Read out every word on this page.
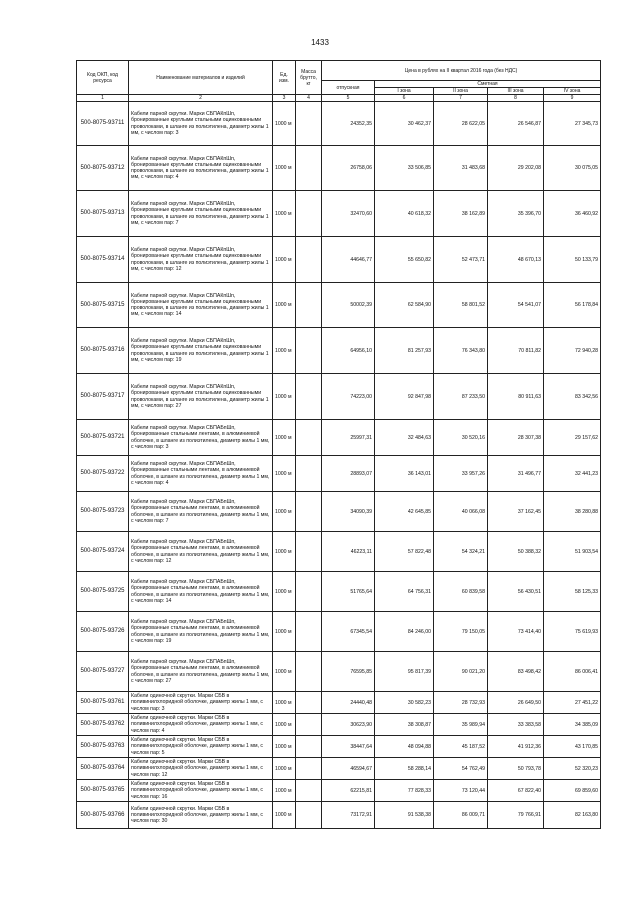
1433
Код ОКП, код ресурса	Наименование материалов и изделий	Ед. изм.	Масса брутто, кг	Цена в рублях на II квартал 2016 года (без НДС)				
				отпускная	Сметная			
					I зона	II зона	III зона	IV зона
1	2	3	4	5	6	7	8	9
500-8075-93711	Кабели парной скрутки. Марки СБПАКпШп, бронированные круглыми стальными оцинкованными проволоками, в шланге из полиэтилена, диаметр жилы 1 мм, с числом пар: 3	1000 м		24352,35	30 462,37	28 622,05	26 546,87	27 345,73
500-8075-93712	Кабели парной скрутки. Марки СБПАКпШп, бронированные круглыми стальными оцинкованными проволоками, в шланге из полиэтилена, диаметр жилы 1 мм, с числом пар: 4	1000 м		26758,06	33 506,85	31 483,68	29 202,08	30 075,05
500-8075-93713	Кабели парной скрутки. Марки СБПАКпШп, бронированные круглыми стальными оцинкованными проволоками, в шланге из полиэтилена, диаметр жилы 1 мм, с числом пар: 7	1000 м		32470,60	40 618,32	38 162,89	35 396,70	36 460,92
500-8075-93714	Кабели парной скрутки. Марки СБПАКпШп, бронированные круглыми стальными оцинкованными проволоками, в шланге из полиэтилена, диаметр жилы 1 мм, с числом пар: 12	1000 м		44646,77	55 650,82	52 473,71	48 670,13	50 133,79
500-8075-93715	Кабели парной скрутки. Марки СБПАКпШп, бронированные круглыми стальными оцинкованными проволоками, в шланге из полиэтилена, диаметр жилы 1 мм, с числом пар: 14	1000 м		50002,39	62 584,90	58 801,52	54 541,07	56 178,84
500-8075-93716	Кабели парной скрутки. Марки СБПАКпШп, бронированные круглыми стальными оцинкованными проволоками, в шланге из полиэтилена, диаметр жилы 1 мм, с числом пар: 19	1000 м		64956,10	81 257,93	76 343,80	70 811,82	72 940,28
500-8075-93717	Кабели парной скрутки. Марки СБПАКпШп, бронированные круглыми стальными оцинкованными проволоками, в шланге из полиэтилена, диаметр жилы 1 мм, с числом пар: 27	1000 м		74223,00	92 847,98	87 233,50	80 911,63	83 342,56
500-8075-93721	Кабели парной скрутки. Марки СБПАБпШп, бронированные стальными лентами, в алюминиевой оболочке, в шланге из полиэтилена, диаметр жилы 1 мм, с числом пар: 3	1000 м		25997,31	32 484,63	30 520,16	28 307,38	29 157,62
500-8075-93722	Кабели парной скрутки. Марки СБПАБпШп, бронированные стальными лентами, в алюминиевой оболочке, в шланге из полиэтилена, диаметр жилы 1 мм, с числом пар: 4	1000 м		28893,07	36 143,01	33 957,26	31 496,77	32 441,23
500-8075-93723	Кабели парной скрутки. Марки СБПАБпШп, бронированные стальными лентами, в алюминиевой оболочке, в шланге из полиэтилена, диаметр жилы 1 мм, с числом пар: 7	1000 м		34090,39	42 645,85	40 066,08	37 162,45	38 280,88
500-8075-93724	Кабели парной скрутки. Марки СБПАБпШп, бронированные стальными лентами, в алюминиевой оболочке, в шланге из полиэтилена, диаметр жилы 1 мм, с числом пар: 12	1000 м		46223,11	57 822,48	54 324,21	50 388,32	51 903,54
500-8075-93725	Кабели парной скрутки. Марки СБПАБпШп, бронированные стальными лентами, в алюминиевой оболочке, в шланге из полиэтилена, диаметр жилы 1 мм, с числом пар: 14	1000 м		51765,64	64 756,31	60 839,58	56 430,51	58 125,33
500-8075-93726	Кабели парной скрутки. Марки СБПАБпШп, бронированные стальными лентами, в алюминиевой оболочке, в шланге из полиэтилена, диаметр жилы 1 мм, с числом пар: 19	1000 м		67345,54	84 246,00	79 150,05	73 414,40	75 619,93
500-8075-93727	Кабели парной скрутки. Марки СБПАБпШп, бронированные стальными лентами, в алюминиевой оболочке, в шланге из полиэтилена, диаметр жилы 1 мм, с числом пар: 27	1000 м		76595,85	95 817,39	90 021,20	83 498,42	86 006,41
500-8075-93761	Кабели одиночной скрутки. Марки СБВ в поливинилхлоридной оболочке, диаметр жилы 1 мм, с числом пар: 3	1000 м		24440,48	30 582,23	28 732,93	26 649,50	27 451,22
500-8075-93762	Кабели одиночной скрутки. Марки СБВ в поливинилхлоридной оболочке, диаметр жилы 1 мм, с числом пар: 4	1000 м		30623,90	38 308,87	35 989,94	33 383,58	34 385,09
500-8075-93763	Кабели одиночной скрутки. Марки СБВ в поливинилхлоридной оболочке, диаметр жилы 1 мм, с числом пар: 5	1000 м		38447,64	48 094,88	45 187,52	41 912,36	43 170,85
500-8075-93764	Кабели одиночной скрутки. Марки СБВ в поливинилхлоридной оболочке, диаметр жилы 1 мм, с числом пар: 12	1000 м		46594,67	58 288,14	54 762,49	50 793,78	52 320,23
500-8075-93765	Кабели одиночной скрутки. Марки СБВ в поливинилхлоридной оболочке, диаметр жилы 1 мм, с числом пар: 16	1000 м		62215,81	77 828,33	73 120,44	67 822,40	69 859,60
500-8075-93766	Кабели одиночной скрутки. Марки СБВ в поливинилхлоридной оболочке, диаметр жилы 1 мм, с числом пар: 30	1000 м		73172,91	91 538,38	86 009,71	79 766,91	82 163,80
